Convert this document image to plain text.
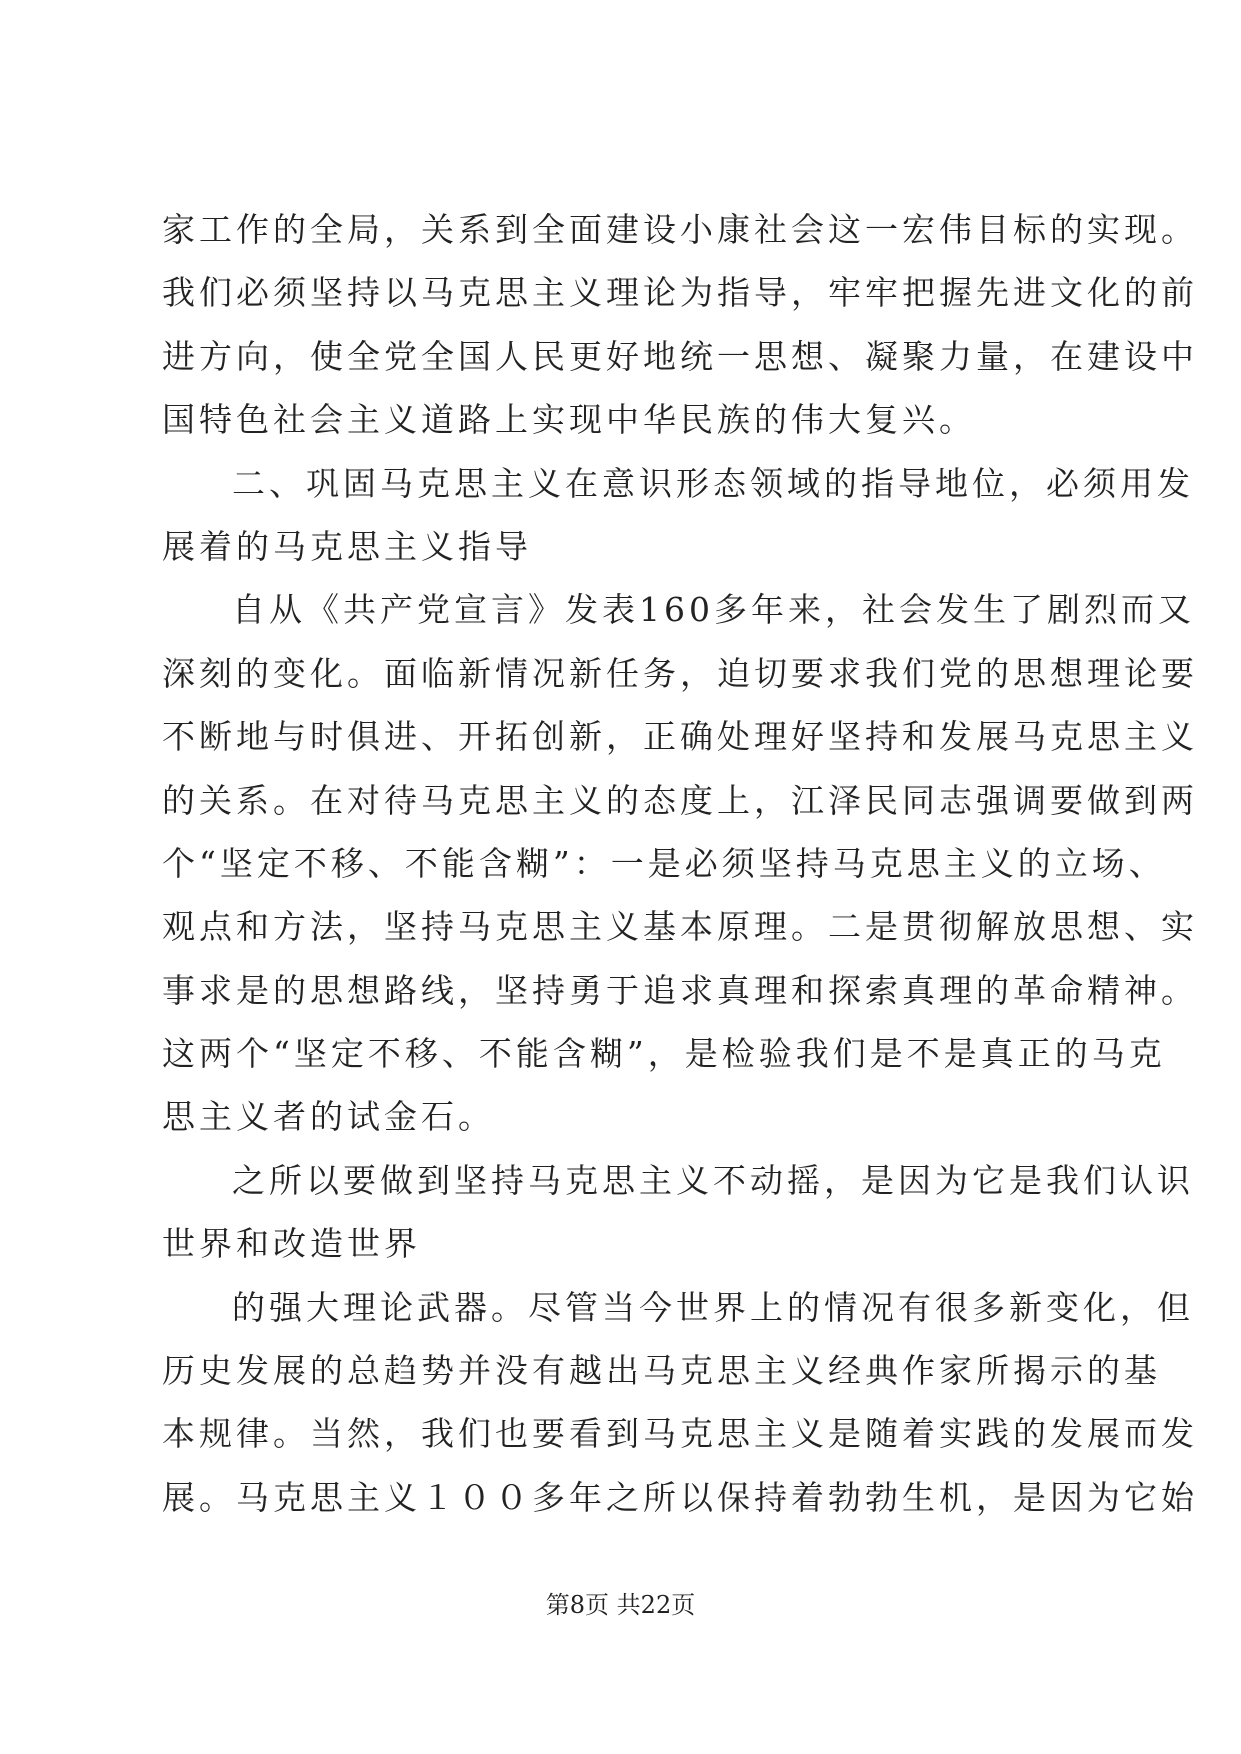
家工作的全局，关系到全面建设小康社会这一宏伟目标的实现。
我们必须坚持以马克思主义理论为指导，牢牢把握先进文化的前
进方向，使全党全国人民更好地统一思想、凝聚力量，在建设中
国特色社会主义道路上实现中华民族的伟大复兴。
二、巩固马克思主义在意识形态领域的指导地位，必须用发
展着的马克思主义指导
自从《共产党宣言》发表160多年来，社会发生了剧烈而又
深刻的变化。面临新情况新任务，迫切要求我们党的思想理论要
不断地与时俱进、开拓创新，正确处理好坚持和发展马克思主义
的关系。在对待马克思主义的态度上，江泽民同志强调要做到两
个“坚定不移、不能含糊”：一是必须坚持马克思主义的立场、
观点和方法，坚持马克思主义基本原理。二是贯彻解放思想、实
事求是的思想路线，坚持勇于追求真理和探索真理的革命精神。
这两个“坚定不移、不能含糊”，是检验我们是不是真正的马克
思主义者的试金石。
之所以要做到坚持马克思主义不动摇，是因为它是我们认识
世界和改造世界
的强大理论武器。尽管当今世界上的情况有很多新变化，但
历史发展的总趋势并没有越出马克思主义经典作家所揭示的基
本规律。当然，我们也要看到马克思主义是随着实践的发展而发
展。马克思主义１００多年之所以保持着勃勃生机，是因为它始
第8页 共22页
